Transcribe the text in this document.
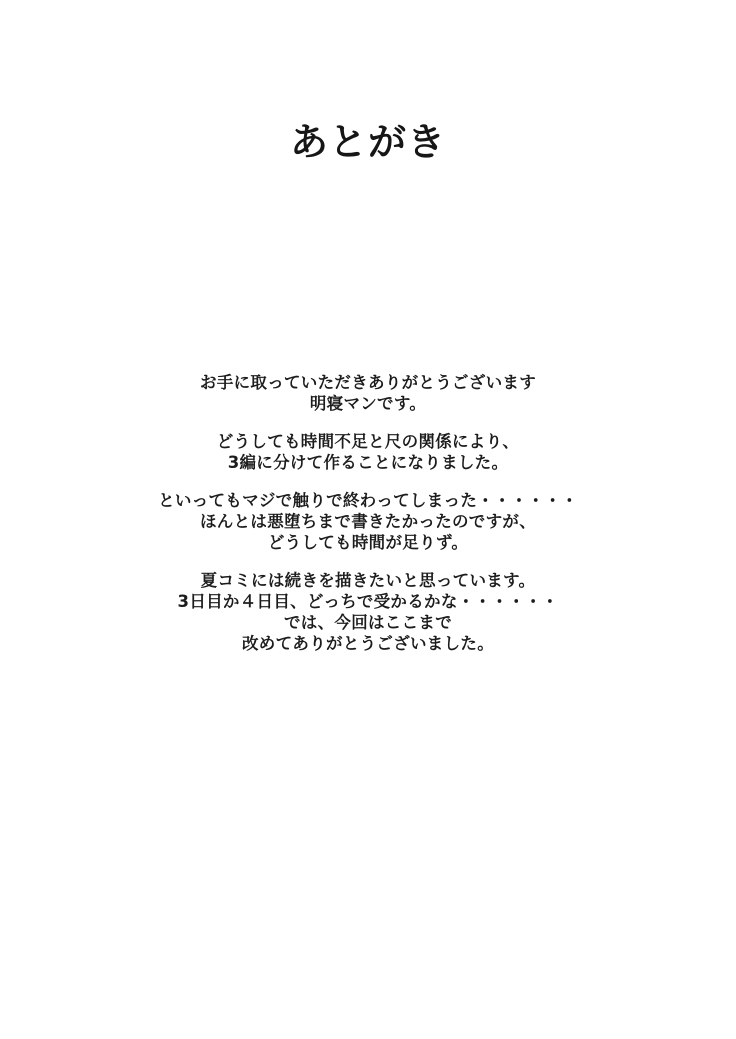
あとがき

お手に取っていただきありがとうございます
明寝マンです。

どうしても時間不足と尺の関係により、
3編に分けて作ることになりました。

といってもマジで触りで終わってしまった・・・・・・
ほんとは悪堕ちまで書きたかったのですが、
どうしても時間が足りず。

夏コミには続きを描きたいと思っています。
3日目か４日目、どっちで受かるかな・・・・・・
では、今回はここまで
改めてありがとうございました。
